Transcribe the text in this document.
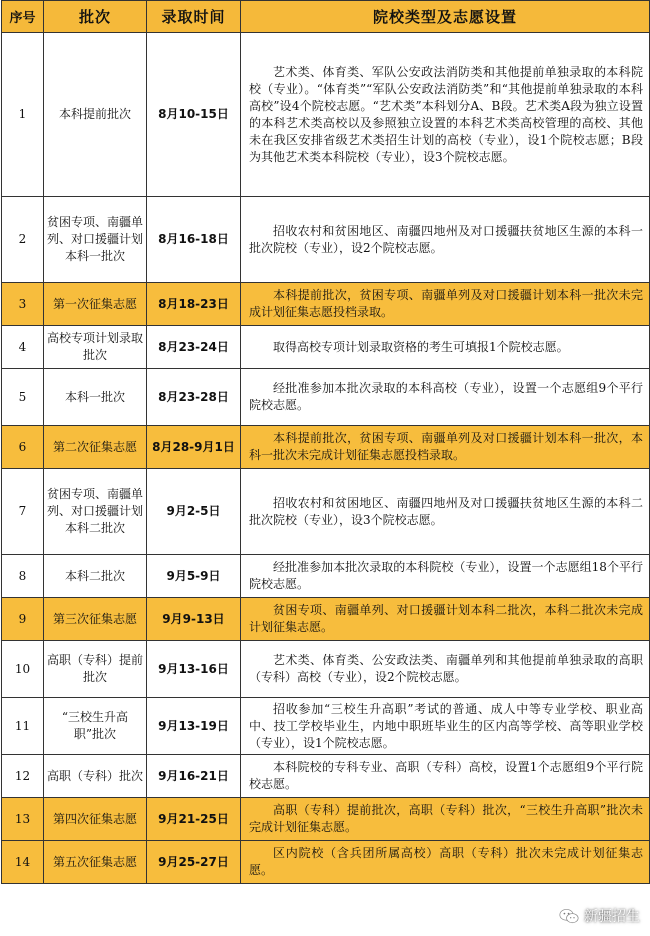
序号	批次	录取时间	院校类型及志愿设置
1	本科提前批次	8月10-15日	艺术类、体育类、军队公安政法消防类和其他提前单独录取的本科院校（专业）。“体育类”“军队公安政法消防类”和“其他提前单独录取的本科高校”设4个院校志愿。“艺术类”本科划分A、B段。艺术类A段为独立设置的本科艺术类高校以及参照独立设置的本科艺术类高校管理的高校、其他未在我区安排省级艺术类招生计划的高校（专业），设1个院校志愿；B段为其他艺术类本科院校（专业），设3个院校志愿。

2	贫困专项、南疆单列、对口援疆计划本科一批次	8月16-18日	招收农村和贫困地区、南疆四地州及对口援疆扶贫地区生源的本科一批次院校（专业），设2个院校志愿。

3	第一次征集志愿	8月18-23日	本科提前批次，贫困专项、南疆单列及对口援疆计划本科一批次未完成计划征集志愿投档录取。

4	高校专项计划录取批次	8月23-24日	取得高校专项计划录取资格的考生可填报1个院校志愿。

5	本科一批次	8月23-28日	经批准参加本批次录取的本科高校（专业），设置一个志愿组9个平行院校志愿。

6	第二次征集志愿	8月28-9月1日	本科提前批次，贫困专项、南疆单列及对口援疆计划本科一批次，本科一批次未完成计划征集志愿投档录取。

7	贫困专项、南疆单列、对口援疆计划本科二批次	9月2-5日	招收农村和贫困地区、南疆四地州及对口援疆扶贫地区生源的本科二批次院校（专业），设3个院校志愿。

8	本科二批次	9月5-9日	经批准参加本批次录取的本科院校（专业），设置一个志愿组18个平行院校志愿。

9	第三次征集志愿	9月9-13日	贫困专项、南疆单列、对口援疆计划本科二批次，本科二批次未完成计划征集志愿。

10	高职（专科）提前批次	9月13-16日	艺术类、体育类、公安政法类、南疆单列和其他提前单独录取的高职（专科）高校（专业），设2个院校志愿。

11	“三校生升高职”批次	9月13-19日	招收参加“三校生升高职”考试的普通、成人中等专业学校、职业高中、技工学校毕业生，内地中职班毕业生的区内高等学校、高等职业学校（专业），设1个院校志愿。

12	高职（专科）批次	9月16-21日	本科院校的专科专业、高职（专科）高校，设置1个志愿组9个平行院校志愿。

13	第四次征集志愿	9月21-25日	高职（专科）提前批次，高职（专科）批次，“三校生升高职”批次未完成计划征集志愿。

14	第五次征集志愿	9月25-27日	区内院校（含兵团所属高校）高职（专科）批次未完成计划征集志愿。
新疆招生
